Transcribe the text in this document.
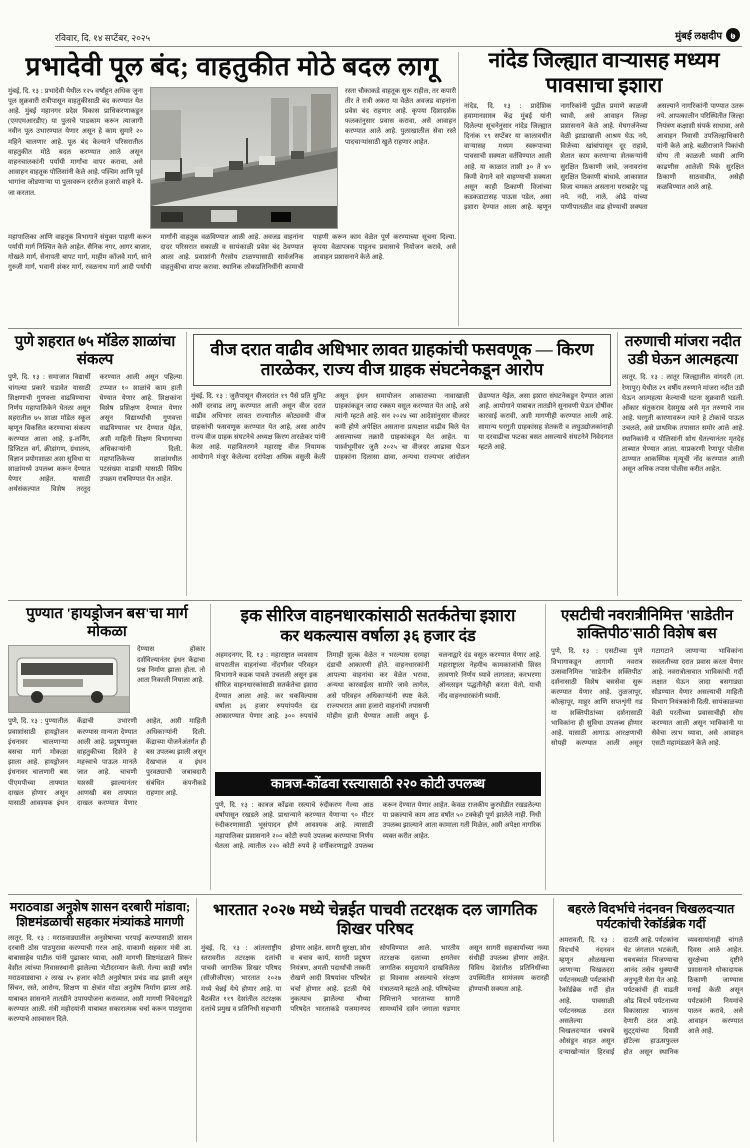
रविवार, दि. १४ सप्टेंबर, २०२५	मुंबई लक्षदीप ७
प्रभादेवी पूल बंद; वाहतुकीत मोठे बदल लागू
मुंबई, दि. १३ : प्रभादेवी येथील १२५ वर्षांहून अधिक जुना पूल शुक्रवारी रात्रीपासून वाहतुकीसाठी बंद करण्यात येत आहे. मुंबई महानगर प्रदेश विकास प्राधिकरणाकडून (एमएमआरडीए) या पुलाचे पाडकाम करून त्याजागी नवीन पूल उभारण्यात येणार असून हे काम सुमारे २० महिने चालणार आहे. पूल बंद केल्याने परिसरातील वाहतुकीत मोठे बदल करण्यात आले असून वाहनचालकांनी पर्यायी मार्गांचा वापर करावा, असे आवाहन वाहतूक पोलिसांनी केले आहे. पश्चिम आणि पूर्व भागांना जोडणाऱ्या या पुलावरून दररोज हजारो वाहने ये-जा करतात.
रस्ता चौकाकडे वाहतूक सुरू राहील, तर कपारी तीर ते रात्री अकरा या वेळेत अवजड वाहनांना प्रवेश बंद राहणार आहे. कृपया दिशादर्शक फलकांनुसार प्रवास करावा, असे आवाहन करण्यात आले आहे. पुलाखालील सेवा रस्ते पादचाऱ्यांसाठी खुले राहणार आहेत.
महापालिका आणि वाहतूक विभागाने संयुक्त पाहणी करून पर्यायी मार्ग निश्चित केले आहेत. सैनिक नगर, आगर बाजार, गोखले मार्ग, सेनापती बापट मार्ग, माहीम कॉजवे मार्ग, साने गुरुजी मार्ग, भवानी शंकर मार्ग, रवळनाथ मार्ग आदी पर्यायी मार्गांनी वाहतूक वळविण्यात आली आहे. अवजड वाहनांना दादर परिसरात सकाळी व सायंकाळी प्रवेश बंद ठेवण्यात आला आहे. प्रवाशांनी गैरसोय टाळण्यासाठी सार्वजनिक वाहतुकीचा वापर करावा. स्थानिक लोकप्रतिनिधींनी कामाची पाहणी करून काम वेळेत पूर्ण करण्याच्या सूचना दिल्या. कृपया वेळापत्रक पाहूनच प्रवासाचे नियोजन करावे, असे आवाहन प्रशासनाने केले आहे.
नांदेड जिल्ह्यात वाऱ्यासह मध्यम पावसाचा इशारा
नांदेड, दि. १३ : प्रादेशिक हवामानशास्त्र केंद्र मुंबई यांनी दिलेल्या सूचनेनुसार नांदेड जिल्ह्यात दिनांक १९ सप्टेंबर या कालावधीत वाऱ्यासह मध्यम स्वरूपाच्या पावसाची शक्यता वर्तविण्यात आली आहे. या काळात ताशी ३० ते ४० किमी वेगाने वारे वाहण्याची शक्यता असून काही ठिकाणी विजांच्या कडकडाटासह पाऊस पडेल, असा इशारा देण्यात आला आहे. म्हणून नागरिकांनी पुढील प्रमाणे काळजी घ्यावी, असे आवाहन जिल्हा प्रशासनाने केले आहे. मेघगर्जनेच्या वेळी झाडाखाली आश्रय घेऊ नये, विजेच्या खांबांपासून दूर राहावे, शेतात काम करणाऱ्या शेतकऱ्यांनी सुरक्षित ठिकाणी जावे, जनावरांना सुरक्षित ठिकाणी बांधावे. आकाशात विजा चमकत असताना घराबाहेर पडू नये. नदी, नाले, ओढे यांच्या पाणीपातळीत वाढ होण्याची शक्यता असल्याने नागरिकांनी पाण्यात उतरू नये. आपत्कालीन परिस्थितीत जिल्हा नियंत्रण कक्षाशी संपर्क साधावा, असे आवाहन निवासी उपजिल्हाधिकारी यांनी केले आहे. बळीराजाने पिकांची योग्य ती काळजी घ्यावी आणि काढणीस आलेली पिके सुरक्षित ठिकाणी साठवावीत, असेही कळविण्यात आले आहे.
पुणे शहरात ७५ मॉडेल शाळांचा संकल्प
पुणे, दि. १३ : समाजात विद्यार्थी चांगल्या प्रकारे घडावेत यासाठी शिक्षणाची गुणवत्ता वाढविण्याचा निर्णय महापालिकेने घेतला असून शहरातील ७५ शाळा मॉडेल स्कूल म्हणून विकसित करण्याचा संकल्प करण्यात आला आहे. इ-लर्निंग, डिजिटल वर्ग, क्रीडांगण, ग्रंथालय, विज्ञान प्रयोगशाळा अशा सुविधा या शाळांमध्ये उपलब्ध करून देण्यात येणार आहेत. यासाठी अर्थसंकल्पात विशेष तरतूद करण्यात आली असून पहिल्या टप्प्यात १० शाळांचे काम हाती घेण्यात येणार आहे. शिक्षकांना विशेष प्रशिक्षण देण्यात येणार असून विद्यार्थ्यांची गुणवत्ता वाढविण्यावर भर देण्यात येईल, अशी माहिती शिक्षण विभागाच्या अधिकाऱ्यांनी दिली. महापालिकेच्या शाळांमधील पटसंख्या वाढावी यासाठी विविध उपक्रम राबविण्यात येत आहेत.
वीज दरात वाढीव अधिभार लावत ग्राहकांची फसवणूक — किरण तारळेकर, राज्य वीज ग्राहक संघटनेकडून आरोप
मुंबई, दि. १३ : जुलैपासून वीजदरांत १९ पैसे प्रति युनिट अशी दरवाढ लागू करण्यात आली असून वीज दरात वाढीव अधिभार लावत राज्यातील कोट्यवधी वीज ग्राहकांची फसवणूक करण्यात येत आहे, असा आरोप राज्य वीज ग्राहक संघटनेचे अध्यक्ष किरण तारळेकर यांनी केला आहे. महावितरणने महाराष्ट्र वीज नियामक आयोगाने मंजूर केलेल्या दरांपेक्षा अधिक वसुली केली असून इंधन समायोजन आकाराच्या नावाखाली ग्राहकांकडून जादा रक्कम वसूल करण्यात येत आहे, असे त्यांनी म्हटले आहे. सन २०२४ च्या आदेशांनुसार वीजदर कमी होणे अपेक्षित असताना प्रत्यक्षात वाढीव बिले येत असल्याच्या तक्रारी ग्राहकांकडून येत आहेत. या पार्श्वभूमीवर जुलै २०२५ चा वीजदर आढावा घेऊन ग्राहकांना दिलासा द्यावा, अन्यथा राज्यभर आंदोलन छेडण्यात येईल, असा इशारा संघटनेकडून देण्यात आला आहे. आयोगाने याबाबत तातडीने सुनावणी घेऊन दोषींवर कारवाई करावी, अशी मागणीही करण्यात आली आहे. सामान्य घरगुती ग्राहकांसह शेतकरी व लघुउद्योजकांनाही या दरवाढीचा फटका बसत असल्याचे संघटनेने निवेदनात म्हटले आहे.
तरुणाची मांजरा नदीत उडी घेऊन आत्महत्या
लातूर, दि. १३ : लातूर जिल्ह्यातील वांगदरी (ता. रेणापूर) येथील २९ वर्षीय तरुणाने मांजरा नदीत उडी घेऊन आत्महत्या केल्याची घटना शुक्रवारी घडली. ओंकार संतुकराव देशमुख असे मृत तरुणाचे नाव आहे. घरगुती कारणावरून त्याने हे टोकाचे पाऊल उचलले, असे प्राथमिक तपासात समोर आले आहे. स्थानिकांनी व पोलिसांनी शोध घेतल्यानंतर मृतदेह ताब्यात घेण्यात आला. याप्रकरणी रेणापूर पोलीस ठाण्यात आकस्मिक मृत्यूची नोंद करण्यात आली असून अधिक तपास पोलीस करीत आहेत.
पुण्यात 'हायड्रोजन बस'चा मार्ग मोकळा
देण्यास होकार दर्शविल्यानंतर इंधन केंद्राचा प्रश्न निर्माण झाला होता. तो आता निकाली निघाला आहे.
पुणे, दि. १३ : पुण्यातील प्रवाशांसाठी हायड्रोजन इंधनावर चालणाऱ्या बसचा मार्ग मोकळा झाला आहे. हायड्रोजन इंधनावर चालणारी बस पीएमपीच्या ताफ्यात दाखल होणार असून यासाठी आवश्यक इंधन केंद्राची उभारणी करण्यास मान्यता देण्यात आली आहे. प्रदूषणमुक्त वाहतुकीच्या दिशेने हे महत्त्वाचे पाऊल मानले जात आहे. चाचणी यशस्वी झाल्यानंतर आणखी बस ताफ्यात दाखल करण्यात येणार आहेत, अशी माहिती अधिकाऱ्यांनी दिली. केंद्राच्या योजनेअंतर्गत ही बस उपलब्ध झाली असून देखभाल व इंधन पुरवठ्याची जबाबदारी संबंधित कंपनीकडे राहणार आहे.
इक सीरिज वाहनधारकांसाठी सतर्कतेचा इशारा
कर थकल्यास वर्षाला ३६ हजार दंड
अहमदनगर, दि. १३ : महाराष्ट्रात व्यवसाय वापरातील वाहनांच्या नोंदणीवर परिवहन विभागाने कडक पावले उचलली असून इक सीरिज वाहनधारकांसाठी सतर्कतेचा इशारा देण्यात आला आहे. कर थकविल्यास वर्षाला ३६ हजार रुपयांपर्यंत दंड आकारण्यात येणार आहे. ३०० रुपयांचे तिमाही शुल्क वेळेत न भरल्यास दरमहा दंडाची आकारणी होते. वाहनधारकांनी आपल्या वाहनांचा कर वेळेत भरावा, अन्यथा कारवाईला सामोरे जावे लागेल, असे परिवहन अधिकाऱ्यांनी स्पष्ट केले. राज्यभरात अशा हजारो वाहनांची तपासणी मोहीम हाती घेण्यात आली असून ई-चलनाद्वारे दंड वसूल करण्यात येणार आहे. महाराष्ट्राला नेहमीच कामकाजांची शिस्त लावणारे निर्णय घ्यावे लागतात; करभरणा ऑनलाइन पद्धतीनेही करता येतो, याची नोंद वाहनधारकांनी घ्यावी.
कात्रज-कोंढवा रस्त्यासाठी २२० कोटी उपलब्ध
पुणे, दि. १३ : कात्रज कोंढवा रस्त्याचे रुंदीकरण गेल्या आठ वर्षांपासून रखडले आहे. प्राधान्याने करण्यात येणाऱ्या ९० मीटर रुंदीकरणासाठी भूसंपादन होणे आवश्यक आहे. त्यासाठी महापालिका प्रशासनाने २०० कोटी रुपये उपलब्ध करण्याचा निर्णय घेतला आहे. त्यातील २२० कोटी रुपये हे वर्गीकरणाद्वारे उपलब्ध करून देण्यात येणार आहेत. केवळ राजकीय कुरघोडीत रखडलेल्या या प्रकल्पाचे काम आठ वर्षांत ५० टक्केही पूर्ण झालेले नाही. निधी उपलब्ध झाल्याने आता कामाला गती मिळेल, अशी अपेक्षा नागरिक व्यक्त करीत आहेत.
एसटीची नवरात्रीनिमित्त 'साडेतीन शक्तिपीठ'साठी विशेष बस
पुणे, दि. १३ : एसटीच्या पुणे विभागाकडून आगामी नवरात्र उत्सवानिमित्त 'साडेतीन शक्तिपीठ' दर्शनासाठी विशेष बससेवा सुरू करण्यात येणार आहे. तुळजापूर, कोल्हापूर, माहूर आणि सप्तशृंगी गड या शक्तिपीठांच्या दर्शनासाठी भाविकांना ही सुविधा उपलब्ध होणार आहे. यासाठी आगाऊ आरक्षणाची सोयही करण्यात आली असून गटागटाने जाणाऱ्या भाविकांना सवलतीच्या दरात प्रवास करता येणार आहे. नवरात्रोत्सवात भाविकांची गर्दी लक्षात घेऊन जादा बसगाड्या सोडण्यात येणार असल्याची माहिती विभाग नियंत्रकांनी दिली. सायंकाळच्या वेळी परतीच्या प्रवासाचीही सोय करण्यात आली असून भाविकांनी या सेवेचा लाभ घ्यावा, असे आवाहन एसटी महामंडळाने केले आहे.
मराठवाडा अनुशेष शासन दरबारी मांडावा; शिष्टमंडळाची सहकार मंत्र्यांकडे मागणी
लातूर, दि. १३ : मराठवाड्यातील अनुशेषाच्या भरपाई करण्यासाठी शासन दरबारी ठोस पाठपुरावा करण्याची गरज आहे. याकामी सहकार मंत्री आ. बाबासाहेब पाटील यांनी पुढाकार घ्यावा, अशी मागणी शिष्टमंडळाने शिरूर वेशीत त्यांच्या निवासस्थानी झालेल्या भेटीदरम्यान केली. गेल्या काही वर्षांत मराठवाड्याचा २ लाख २५ हजार कोटी अनुशेषात प्रचंड वाढ झाली असून सिंचन, रस्ते, आरोग्य, शिक्षण या क्षेत्रांत मोठा अनुशेष निर्माण झाला आहे. याबाबत शासनाने तातडीने उपाययोजना कराव्यात, अशी मागणी निवेदनाद्वारे करण्यात आली. मंत्री महोदयांनी याबाबत सकारात्मक चर्चा करून पाठपुरावा करण्याचे आश्वासन दिले.
भारतात २०२७ मध्ये चेन्नईत पाचवी तटरक्षक दल जागतिक शिखर परिषद
मुंबई, दि. १३ : आंतरराष्ट्रीय स्तरावरील तटरक्षक दलांची पाचवी जागतिक शिखर परिषद (सीजीजीएस) भारतात २०२७ मध्ये चेन्नई येथे होणार आहे. या बैठकीत ११९ देशांतील तटरक्षक दलांचे प्रमुख व प्रतिनिधी सहभागी होणार आहेत. सागरी सुरक्षा, शोध व बचाव कार्य, सागरी प्रदूषण नियंत्रण, अमली पदार्थांची तस्करी रोखणे आदी विषयांवर परिषदेत चर्चा होणार आहे. इटली येथे नुकत्याच झालेल्या चौथ्या परिषदेत भारताकडे यजमानपद सोपविण्यात आले. भारतीय तटरक्षक दलाच्या क्षमतेवर जागतिक समुदायाने दाखविलेला हा विश्वास असल्याचे संरक्षण मंत्रालयाने म्हटले आहे. परिषदेच्या निमित्ताने भारताच्या सागरी सामर्थ्याचे दर्शन जगाला घडणार असून सागरी सहकार्याच्या नव्या संधीही उपलब्ध होणार आहेत. विविध देशांतील प्रतिनिधींच्या उपस्थितीत सामंजस्य करारही होण्याची शक्यता आहे.
बहरले विदर्भाचे नंदनवन चिखलदऱ्यात पर्यटकांची रेकॉर्डब्रेक गर्दी
अमरावती, दि. १३ : विदर्भाचे नंदनवन म्हणून ओळखल्या जाणाऱ्या चिखलदरा पर्यटनस्थळी पर्यटकांची रेकॉर्डब्रेक गर्दी होत आहे. पावसाळी पर्यटनस्थळ ठरत असलेल्या चिखलदऱ्यात धबधबे ओसंडून वाहत असून दऱ्याखोऱ्यांत हिरवाई दाटली आहे. पर्यटकांना थेट जंगलात भटकंती, धबधब्यांत भिजण्याचा आनंद तसेच धुक्याची अनुभूती घेता येत आहे. पर्यटकांची ही वाढती ओढ विदर्भ पर्यटनाच्या विकासाला चालना देणारी ठरत आहे. सुट्ट्यांच्या दिवशी हॉटेल्स हाऊसफुल्ल होत असून स्थानिक व्यवसायांनाही चांगले दिवस आले आहेत. सुरक्षेच्या दृष्टीने प्रशासनाने धोकादायक ठिकाणी जाण्यास मनाई केली असून पर्यटकांनी नियमांचे पालन करावे, असे आवाहन करण्यात आले आहे.
